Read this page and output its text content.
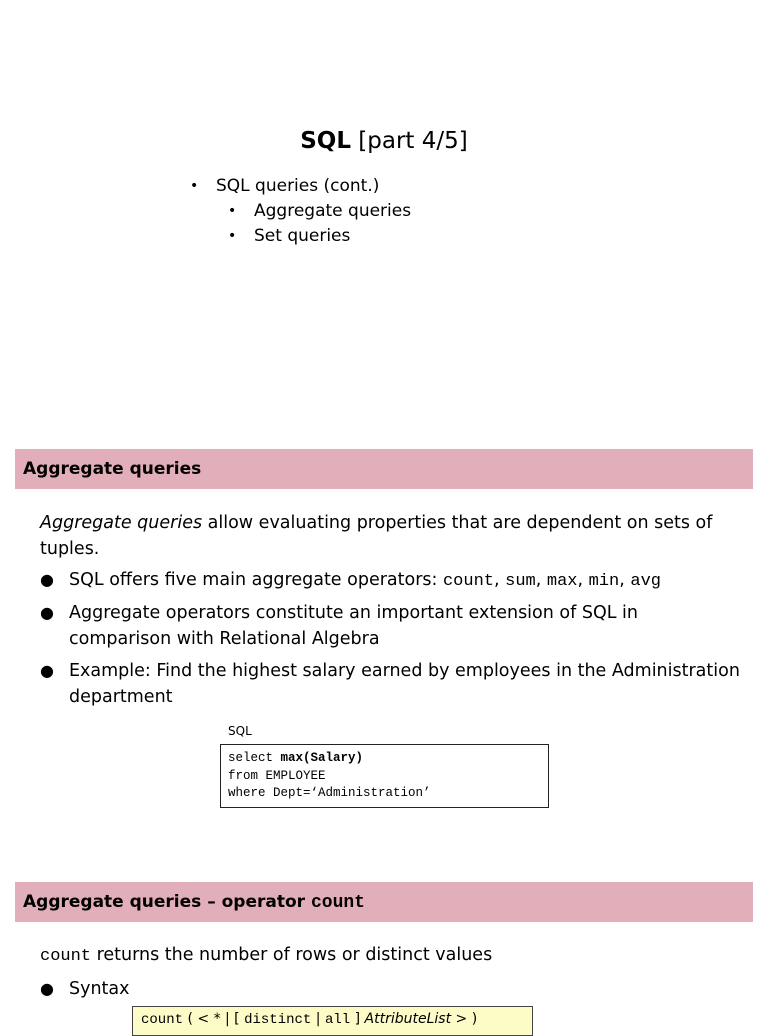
SQL [part 4/5]
• SQL queries (cont.)
• Aggregate queries
• Set queries
Aggregate queries
Aggregate queries allow evaluating properties that are dependent on sets of tuples.
● SQL offers five main aggregate operators: count, sum, max, min, avg
● Aggregate operators constitute an important extension of SQL in comparison with Relational Algebra
● Example: Find the highest salary earned by employees in the Administration department
SQL
select max(Salary)
from EMPLOYEE
where Dept=‘Administration’
Aggregate queries – operator count
count returns the number of rows or distinct values
● Syntax
count ( < * | [ distinct | all ] AttributeList > )
